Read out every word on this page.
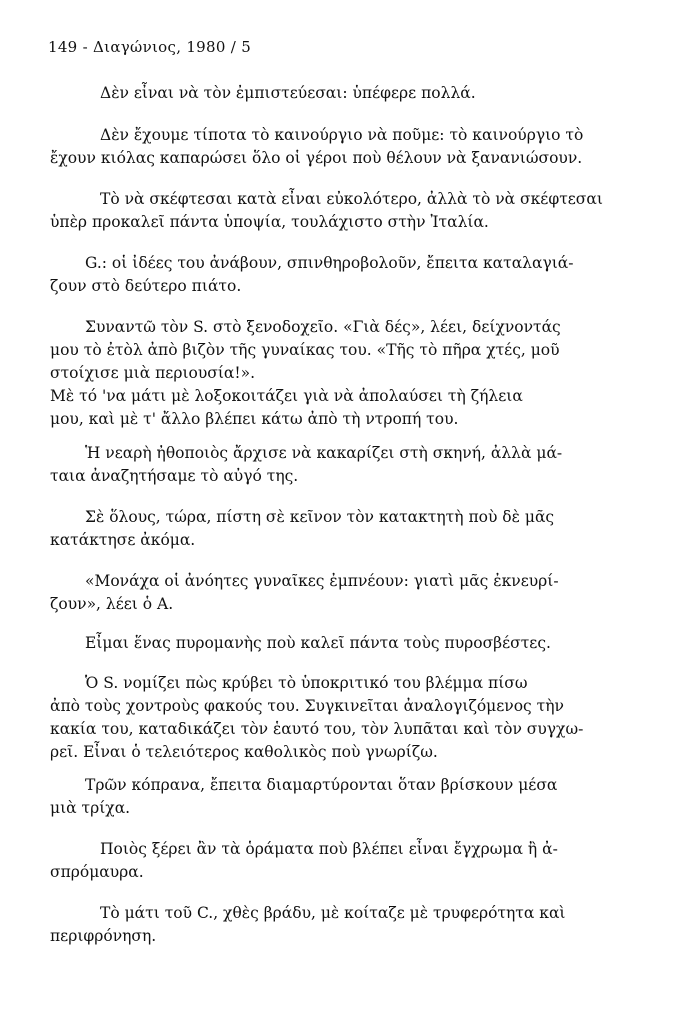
149 - Διαγώνιος, 1980 / 5
Δὲν εἶναι νὰ τὸν ἐμπιστεύεσαι: ὑπέφερε πολλά.
Δὲν ἔχουμε τίποτα τὸ καινούργιο νὰ ποῦμε: τὸ καινούργιο τὸ
ἔχουν κιόλας καπαρώσει ὅλο οἱ γέροι ποὺ θέλουν νὰ ξανανιώσουν.
Τὸ νὰ σκέφτεσαι κατὰ εἶναι εὐκολότερο, ἀλλὰ τὸ νὰ σκέφτεσαι
ὑπὲρ προκαλεῖ πάντα ὑποψία, τουλάχιστο στὴν Ἰταλία.
G.: οἱ ἰδέες του ἀνάβουν, σπινθηροβολοῦν, ἔπειτα καταλαγιά-
ζουν στὸ δεύτερο πιάτο.
Συναντῶ τὸν S. στὸ ξενοδοχεῖο. «Γιὰ δές», λέει, δείχνοντάς
μου τὸ ἐτὸλ ἀπὸ βιζὸν τῆς γυναίκας του. «Τῆς τὸ πῆρα χτές, μοῦ
στοίχισε μιὰ περιουσία!».
Μὲ τό 'να μάτι μὲ λοξοκοιτάζει γιὰ νὰ ἀπολαύσει τὴ ζήλεια
μου, καὶ μὲ τ' ἄλλο βλέπει κάτω ἀπὸ τὴ ντροπή του.
Ἡ νεαρὴ ἠθοποιὸς ἄρχισε νὰ κακαρίζει στὴ σκηνή, ἀλλὰ μά-
ταια ἀναζητήσαμε τὸ αὐγό της.
Σὲ ὅλους, τώρα, πίστη σὲ κεῖνον τὸν κατακτητὴ ποὺ δὲ μᾶς
κατάκτησε ἀκόμα.
«Μονάχα οἱ ἀνόητες γυναῖκες ἐμπνέουν: γιατὶ μᾶς ἐκνευρί-
ζουν», λέει ὁ Α.
Εἶμαι ἕνας πυρομανὴς ποὺ καλεῖ πάντα τοὺς πυροσβέστες.
Ὁ S. νομίζει πὼς κρύβει τὸ ὑποκριτικό του βλέμμα πίσω
ἀπὸ τοὺς χοντροὺς φακούς του. Συγκινεῖται ἀναλογιζόμενος τὴν
κακία του, καταδικάζει τὸν ἑαυτό του, τὸν λυπᾶται καὶ τὸν συγχω-
ρεῖ. Εἶναι ὁ τελειότερος καθολικὸς ποὺ γνωρίζω.
Τρῶν κόπρανα, ἔπειτα διαμαρτύρονται ὅταν βρίσκουν μέσα
μιὰ τρίχα.
Ποιὸς ξέρει ἂν τὰ ὁράματα ποὺ βλέπει εἶναι ἔγχρωμα ἢ ἀ-
σπρόμαυρα.
Τὸ μάτι τοῦ C., χθὲς βράδυ, μὲ κοίταζε μὲ τρυφερότητα καὶ
περιφρόνηση.
